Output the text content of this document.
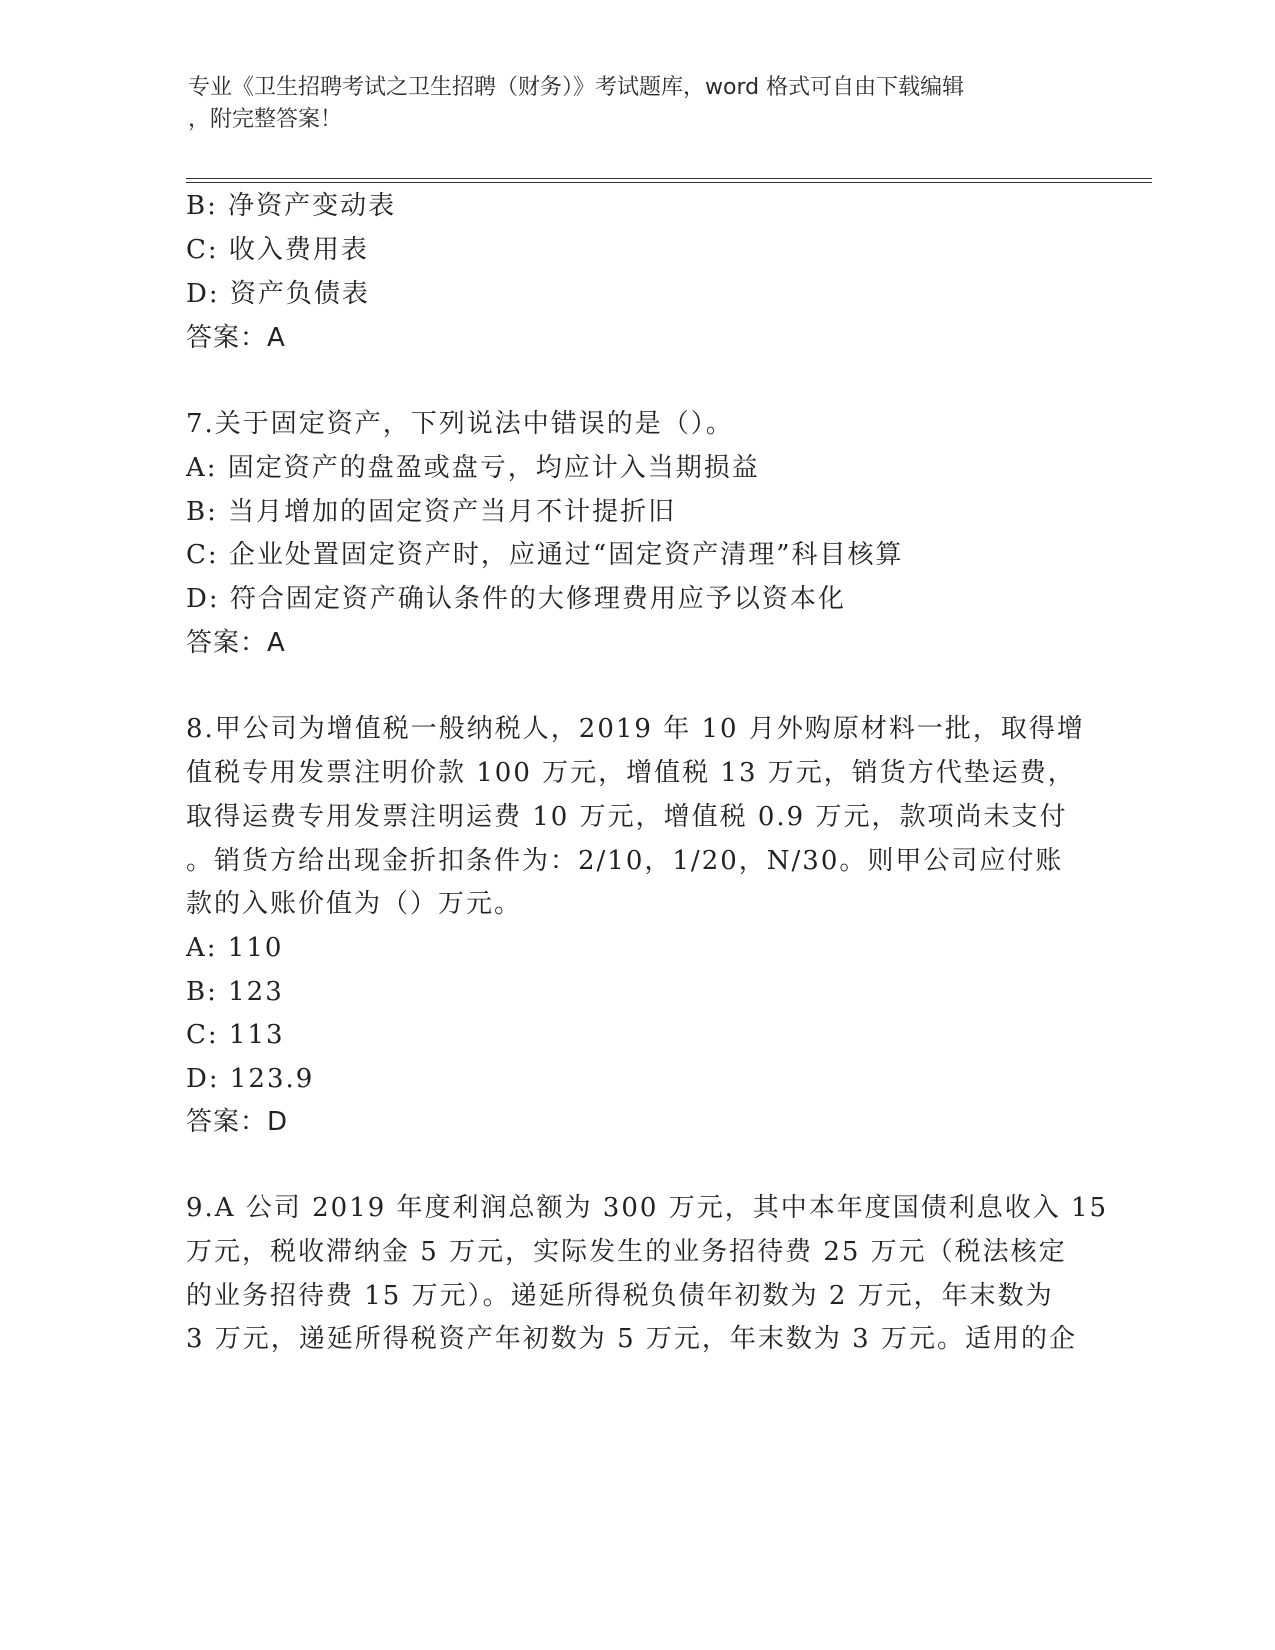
专业《卫生招聘考试之卫生招聘（财务）》考试题库，word 格式可自由下载编辑
，附完整答案！
B: 净资产变动表
C: 收入费用表
D: 资产负债表
答案：A
7.关于固定资产，下列说法中错误的是（）。
A: 固定资产的盘盈或盘亏，均应计入当期损益
B: 当月增加的固定资产当月不计提折旧
C: 企业处置固定资产时，应通过“固定资产清理”科目核算
D: 符合固定资产确认条件的大修理费用应予以资本化
答案：A
8.甲公司为增值税一般纳税人，2019 年 10 月外购原材料一批，取得增
值税专用发票注明价款 100 万元，增值税 13 万元，销货方代垫运费，
取得运费专用发票注明运费 10 万元，增值税 0.9 万元，款项尚未支付
。销货方给出现金折扣条件为：2/10，1/20，N/30。则甲公司应付账
款的入账价值为（）万元。
A: 110
B: 123
C: 113
D: 123.9
答案：D
9.A 公司 2019 年度利润总额为 300 万元，其中本年度国债利息收入 15
万元，税收滞纳金 5 万元，实际发生的业务招待费 25 万元（税法核定
的业务招待费 15 万元）。递延所得税负债年初数为 2 万元，年末数为
3 万元，递延所得税资产年初数为 5 万元，年末数为 3 万元。适用的企
